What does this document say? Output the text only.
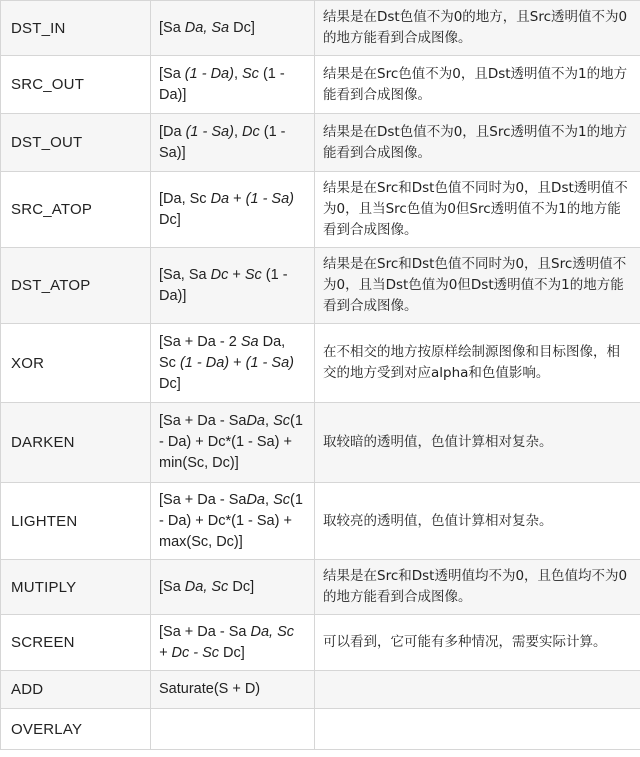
DST_IN	[Sa Da, Sa Dc]	结果是在Dst色值不为0的地方，且Src透明值不为0的地方能看到合成图像。
SRC_OUT	[Sa (1 - Da), Sc (1 - Da)]	结果是在Src色值不为0，且Dst透明值不为1的地方能看到合成图像。
DST_OUT	[Da (1 - Sa), Dc (1 - Sa)]	结果是在Dst色值不为0，且Src透明值不为1的地方能看到合成图像。
SRC_ATOP	[Da, Sc Da + (1 - Sa) Dc]	结果是在Src和Dst色值不同时为0，且Dst透明值不为0，且当Src色值为0但Src透明值不为1的地方能看到合成图像。
DST_ATOP	[Sa, Sa Dc + Sc (1 - Da)]	结果是在Src和Dst色值不同时为0，且Src透明值不为0，且当Dst色值为0但Dst透明值不为1的地方能看到合成图像。
XOR	[Sa + Da - 2 Sa Da, Sc (1 - Da) + (1 - Sa) Dc]	在不相交的地方按原样绘制源图像和目标图像，相交的地方受到对应alpha和色值影响。
DARKEN	[Sa + Da - SaDa, Sc(1 - Da) + Dc*(1 - Sa) + min(Sc, Dc)]	取较暗的透明值，色值计算相对复杂。
LIGHTEN	[Sa + Da - SaDa, Sc(1 - Da) + Dc*(1 - Sa) + max(Sc, Dc)]	取较亮的透明值，色值计算相对复杂。
MUTIPLY	[Sa Da, Sc Dc]	结果是在Src和Dst透明值均不为0，且色值均不为0的地方能看到合成图像。
SCREEN	[Sa + Da - Sa Da, Sc + Dc - Sc Dc]	可以看到，它可能有多种情况，需要实际计算。
ADD	Saturate(S + D)	
OVERLAY		
